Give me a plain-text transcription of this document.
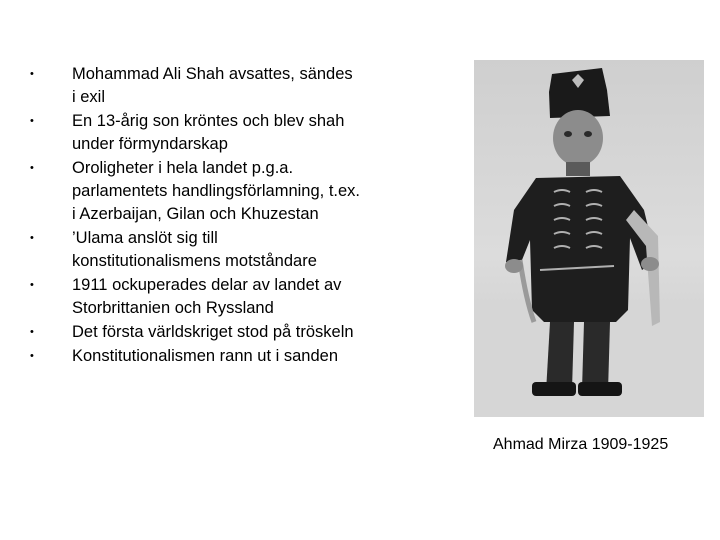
•	Mohammad Ali Shah avsattes, sändes i exil
•	En 13-årig son kröntes och blev shah under förmyndarskap
•	Oroligheter i hela landet p.g.a. parlamentets handlingsförlamning, t.ex. i Azerbaijan, Gilan och Khuzestan
•	’Ulama anslöt sig till konstitutionalismens motståndare
•	1911 ockuperades delar av landet av Storbrittanien och Ryssland
•	Det första världskriget stod på tröskeln
•	Konstitutionalismen rann ut i sanden
Ahmad Mirza 1909-1925
